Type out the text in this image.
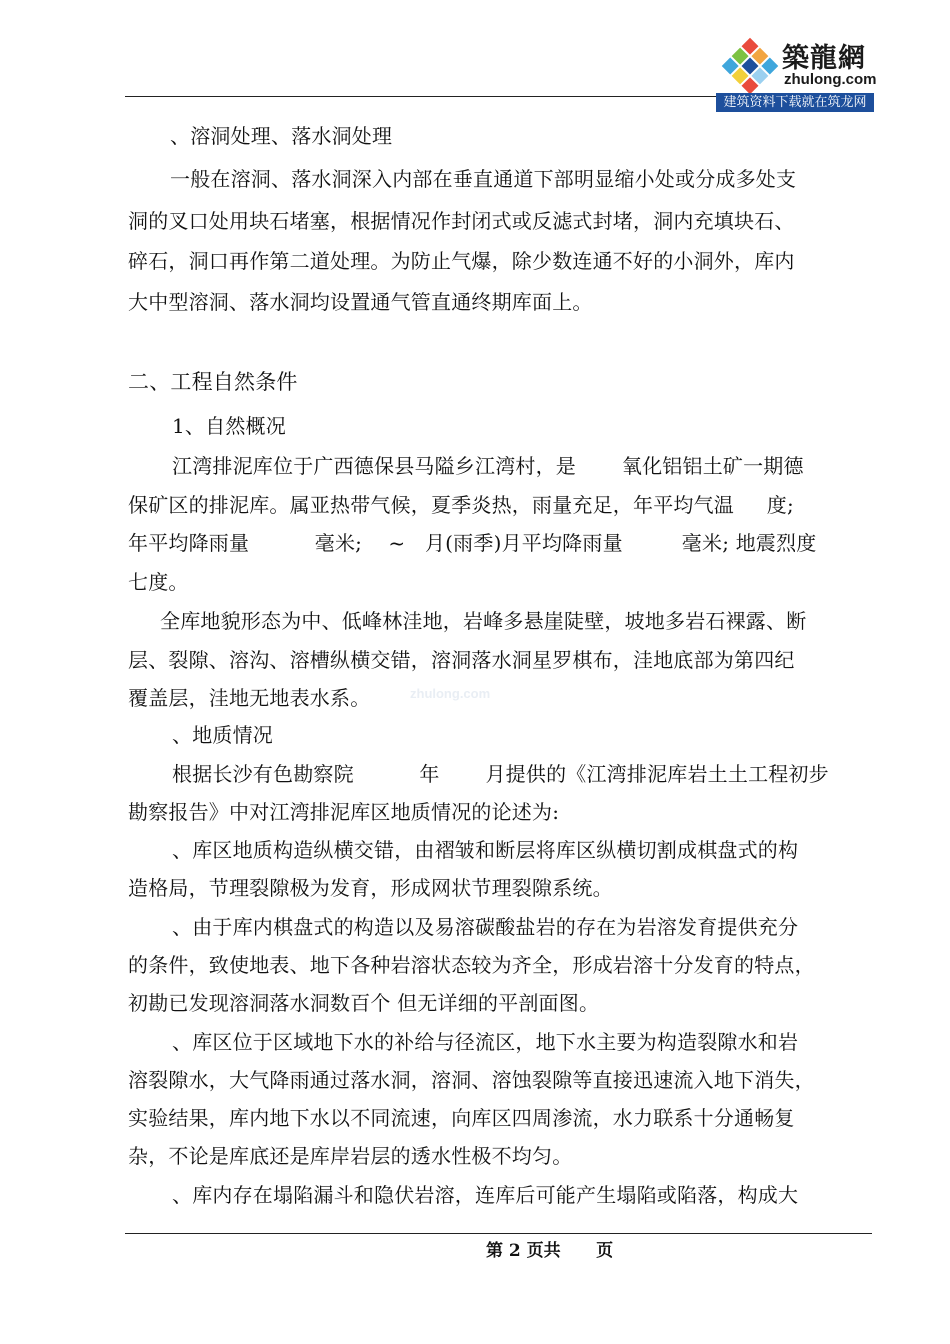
築龍網
zhulong.com
建筑资料下载就在筑龙网
zhulong.com
、溶洞处理、落水洞处理
一般在溶洞、落水洞深入内部在垂直通道下部明显缩小处或分成多处支
洞的叉口处用块石堵塞，根据情况作封闭式或反滤式封堵，洞内充填块石、
碎石，洞口再作第二道处理。为防止气爆，除少数连通不好的小洞外，库内
大中型溶洞、落水洞均设置通气管直通终期库面上。
二、工程自然条件
1、自然概况
江湾排泥库位于广西德保县马隘乡江湾村，是       氧化铝铝土矿一期德
保矿区的排泥库。属亚热带气候，夏季炎热，雨量充足，年平均气温     度;
年平均降雨量          毫米;    ~   月(雨季)月平均降雨量         毫米; 地震烈度
七度。
全库地貌形态为中、低峰林洼地，岩峰多悬崖陡壁，坡地多岩石裸露、断
层、裂隙、溶沟、溶槽纵横交错，溶洞落水洞星罗棋布，洼地底部为第四纪
覆盖层，洼地无地表水系。
、地质情况
根据长沙有色勘察院          年       月提供的《江湾排泥库岩土土工程初步
勘察报告》中对江湾排泥库区地质情况的论述为:
、库区地质构造纵横交错，由褶皱和断层将库区纵横切割成棋盘式的构
造格局，节理裂隙极为发育，形成网状节理裂隙系统。
、由于库内棋盘式的构造以及易溶碳酸盐岩的存在为岩溶发育提供充分
的条件，致使地表、地下各种岩溶状态较为齐全，形成岩溶十分发育的特点，
初勘已发现溶洞落水洞数百个 但无详细的平剖面图。
、库区位于区域地下水的补给与径流区，地下水主要为构造裂隙水和岩
溶裂隙水，大气降雨通过落水洞，溶洞、溶蚀裂隙等直接迅速流入地下消失，
实验结果，库内地下水以不同流速，向库区四周渗流，水力联系十分通畅复
杂，不论是库底还是库岸岩层的透水性极不均匀。
、库内存在塌陷漏斗和隐伏岩溶，连库后可能产生塌陷或陷落，构成大
第 2 页共      页
